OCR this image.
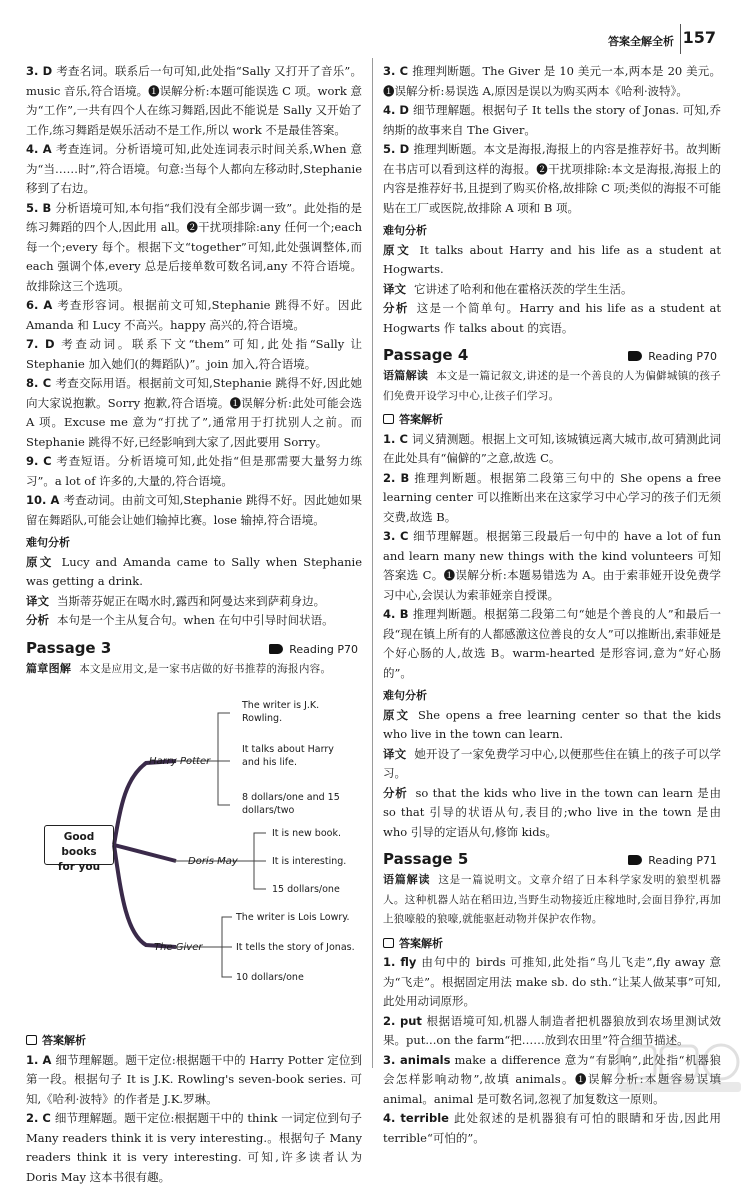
答案全解全析 157

3. D 考查名词。联系后一句可知,此处指“Sally 又打开了音乐”。music 音乐,符合语境。❶误解分析:本题可能误选 C 项。work 意为“工作”,一共有四个人在练习舞蹈,因此不能说是 Sally 又开始了工作,练习舞蹈是娱乐活动不是工作,所以 work 不是最佳答案。

4. A 考查连词。分析语境可知,此处连词表示时间关系,When 意为“当……时”,符合语境。句意:当每个人都向左移动时,Stephanie 移到了右边。

5. B 分析语境可知,本句指“我们没有全部步调一致”。此处指的是练习舞蹈的四个人,因此用 all。❷干扰项排除:any 任何一个;each 每一个;every 每个。根据下文“together”可知,此处强调整体,而 each 强调个体,every 总是后接单数可数名词,any 不符合语境。故排除这三个选项。

6. A 考查形容词。根据前文可知,Stephanie 跳得不好。因此 Amanda 和 Lucy 不高兴。happy 高兴的,符合语境。

7. D 考查动词。联系下文“them”可知,此处指“Sally 让 Stephanie 加入她们(的舞蹈队)”。join 加入,符合语境。

8. C 考查交际用语。根据前文可知,Stephanie 跳得不好,因此她向大家说抱歉。Sorry 抱歉,符合语境。❶误解分析:此处可能会选 A 项。Excuse me 意为“打扰了”,通常用于打扰别人之前。而 Stephanie 跳得不好,已经影响到大家了,因此要用 Sorry。

9. C 考查短语。分析语境可知,此处指“但是那需要大量努力练习”。a lot of 许多的,大量的,符合语境。

10. A 考查动词。由前文可知,Stephanie 跳得不好。因此她如果留在舞蹈队,可能会让她们输掉比赛。lose 输掉,符合语境。

难句分析

原文 Lucy and Amanda came to Sally when Stephanie was getting a drink.

译文 当斯蒂芬妮正在喝水时,露西和阿曼达来到萨莉身边。

分析 本句是一个主从复合句。when 在句中引导时间状语。

Passage 3	Reading P70

篇章图解 本文是应用文,是一家书店做的好书推荐的海报内容。

Good books
for you
Harry Potter
The writer is J.K. Rowling.
It talks about Harry and his life.
8 dollars/one and 15 dollars/two
Doris May
It is new book.
It is interesting.
15 dollars/one
The Giver
The writer is Lois Lowry.
It tells the story of Jonas.
10 dollars/one
答案解析

1. A 细节理解题。题干定位:根据题干中的 Harry Potter 定位到第一段。根据句子 It is J.K. Rowling's seven-book series. 可知,《哈利·波特》的作者是 J.K.罗琳。

2. C 细节理解题。题干定位:根据题干中的 think 一词定位到句子 Many readers think it is very interesting.。根据句子 Many readers think it is very interesting. 可知,许多读者认为 Doris May 这本书很有趣。

3. C 推理判断题。The Giver 是 10 美元一本,两本是 20 美元。❶误解分析:易误选 A,原因是误以为购买两本《哈利·波特》。

4. D 细节理解题。根据句子 It tells the story of Jonas. 可知,乔纳斯的故事来自 The Giver。

5. D 推理判断题。本文是海报,海报上的内容是推荐好书。故判断在书店可以看到这样的海报。❷干扰项排除:本文是海报,海报上的内容是推荐好书,且提到了购买价格,故排除 C 项;类似的海报不可能贴在工厂或医院,故排除 A 项和 B 项。

难句分析

原文 It talks about Harry and his life as a student at Hogwarts.

译文 它讲述了哈利和他在霍格沃茨的学生生活。

分析 这是一个简单句。Harry and his life as a student at Hogwarts 作 talks about 的宾语。

Passage 4	Reading P70

语篇解读 本文是一篇记叙文,讲述的是一个善良的人为偏僻城镇的孩子们免费开设学习中心,让孩子们学习。

答案解析

1. C 词义猜测题。根据上文可知,该城镇远离大城市,故可猜测此词在此处具有“偏僻的”之意,故选 C。

2. B 推理判断题。根据第二段第三句中的 She opens a free learning center 可以推断出来在这家学习中心学习的孩子们无须交费,故选 B。

3. C 细节理解题。根据第三段最后一句中的 have a lot of fun and learn many new things with the kind volunteers 可知答案选 C。❶误解分析:本题易错选为 A。由于索菲娅开设免费学习中心,会误认为索菲娅亲自授课。

4. B 推理判断题。根据第二段第二句“她是个善良的人”和最后一段“现在镇上所有的人都感激这位善良的女人”可以推断出,索菲娅是个好心肠的人,故选 B。warm-hearted 是形容词,意为“好心肠的”。

难句分析

原文 She opens a free learning center so that the kids who live in the town can learn.

译文 她开设了一家免费学习中心,以便那些住在镇上的孩子可以学习。

分析 so that the kids who live in the town can learn 是由 so that 引导的状语从句,表目的;who live in the town 是由 who 引导的定语从句,修饰 kids。

Passage 5	Reading P71

语篇解读 这是一篇说明文。文章介绍了日本科学家发明的狼型机器人。这种机器人站在稻田边,当野生动物接近庄稼地时,会面目狰狞,再加上狼嚎般的狼嚎,就能驱赶动物并保护农作物。

答案解析

1. fly 由句中的 birds 可推知,此处指“鸟儿飞走”,fly away 意为“飞走”。根据固定用法 make sb. do sth.“让某人做某事”可知,此处用动词原形。

2. put 根据语境可知,机器人制造者把机器狼放到农场里测试效果。put...on the farm“把……放到农田里”符合细节描述。

3. animals make a difference 意为“有影响”,此处指“机器狼会怎样影响动物”,故填 animals。❶误解分析:本题容易误填 animal。animal 是可数名词,忽视了加复数这一原则。

4. terrible 此处叙述的是机器狼有可怕的眼睛和牙齿,因此用 terrible“可怕的”。
